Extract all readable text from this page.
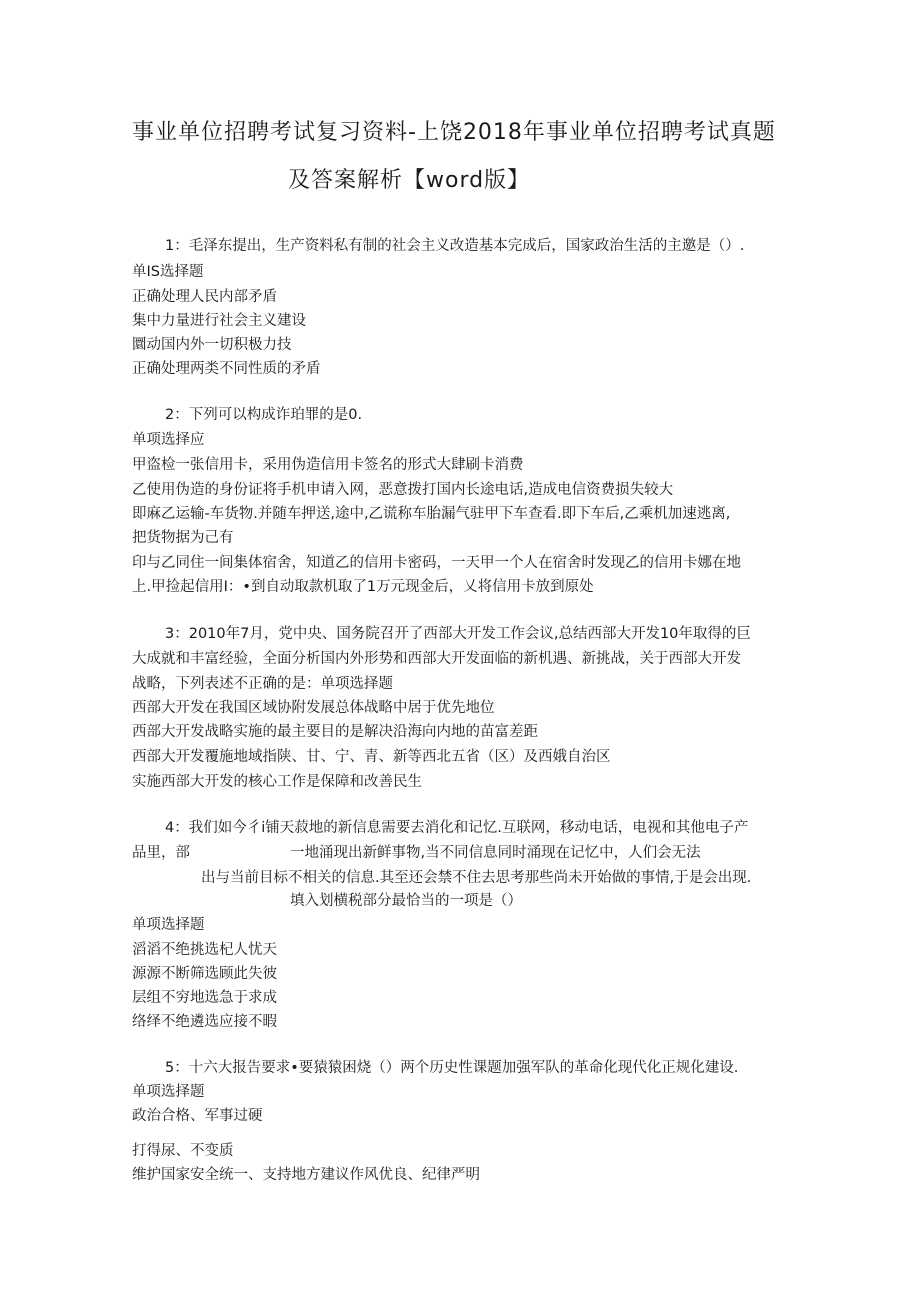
事业单位招聘考试复习资料-上饶2018年事业单位招聘考试真题
及答案解析【word版】
1：毛泽东提出，生产资料私有制的社会主义改造基本完成后，国家政治生活的主邀是（）.
单IS选择题
正确处理人民内部矛盾
集中力量进行社会主义建设
圜动国内外一切积极力技
正确处理两类不同性质的矛盾
2：下列可以构成诈珀罪的是0.
单项选择应
甲盗检一张信用卡，采用伪造信用卡签名的形式大肆刷卡消费
乙使用伪造的身份证将手机申请入网，恶意拨打国内长途电话,造成电信资费损失较大
即麻乙运输-车货物.并随车押送,途中,乙谎称车胎漏气驻甲下车查看.即下车后,乙乘机加速逃离,
把货物据为己有
印与乙同住一间集体宿舍，知道乙的信用卡密码，一天甲一个人在宿舍时发现乙的信用卡娜在地
上.甲捡起信用I：•到自动取款机取了1万元现金后，乂将信用卡放到原处
3：2010年7月，党中央、国务院召开了西部大开发工作会议,总结西部大开发10年取得的巨
大成就和丰富经验，全面分析国内外形势和西部大开发面临的新机遇、新挑战，关于西部大开发
战略，下列表述不正确的是：单项选择题
西部大开发在我国区域协附发展总体战略中居于优先地位
西部大开发战略实施的最主要目的是解决沿海向内地的苗富差距
西部大开发覆施地域指陕、甘、宁、青、新等西北五省（区）及西娥自治区
实施西部大开发的核心工作是保障和改善民生
4：我们如今彳i铺天菽地的新信息需要去消化和记忆.互联网，移动电话，电视和其他电子产
品里，部	一地涌现出新鲜事物,当不同信息同时涌现在记忆中，人们会无法
出与当前目标不相关的信息.其至还会禁不住去思考那些尚未开始做的事情,于是会出现.
填入划横税部分最恰当的一项是（）
单项选择题
滔滔不绝挑选杞人忧天
源源不断筛选顾此失彼
层组不穷地选急于求成
络绎不绝遴选应接不暇
5：十六大报告要求•要猿猿困烧（）两个历史性课题加强军队的革命化现代化正规化建设.
单项选择题
政治合格、军事过硬
打得尿、不变质
维护国家安全统一、支持地方建议作风优良、纪律严明
